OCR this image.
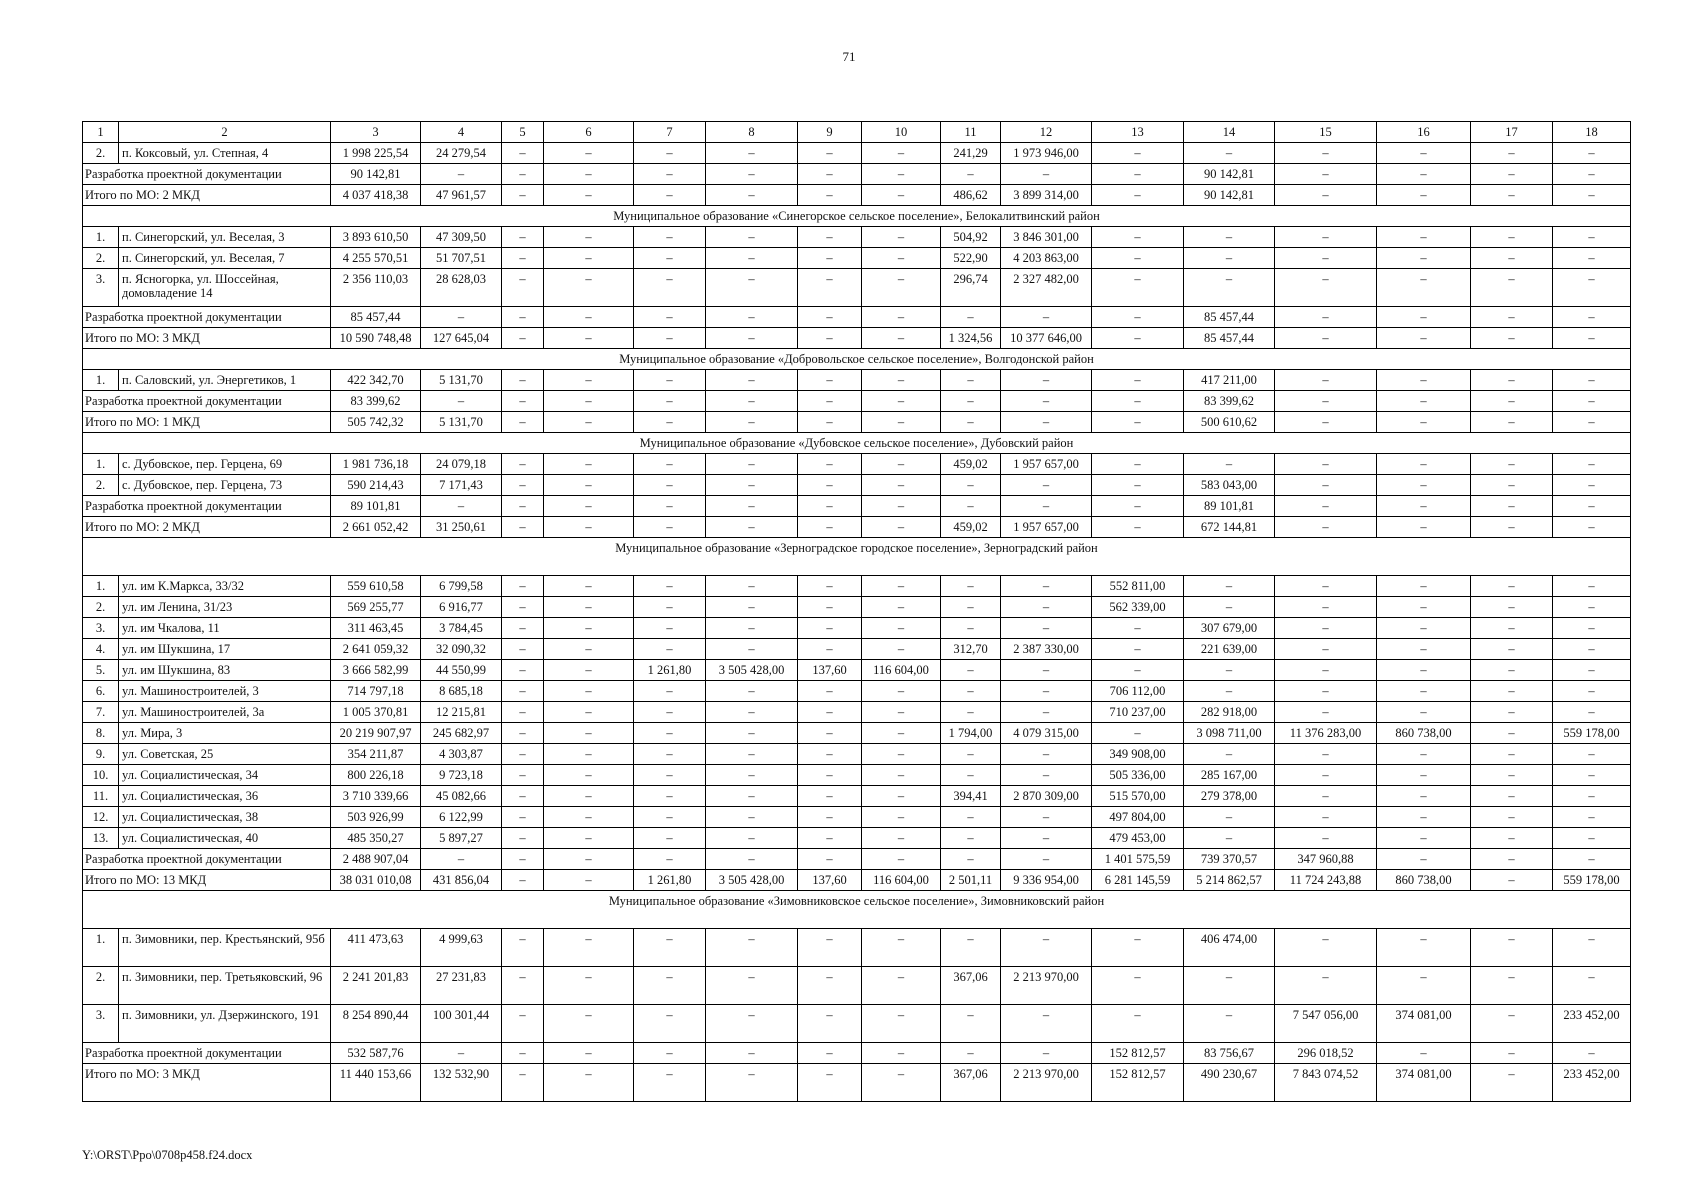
71
1	2	3	4	5	6	7	8	9	10	11	12	13	14	15	16	17	18
2.	п. Коксовый, ул. Степная, 4	1 998 225,54	24 279,54	–	–	–	–	–	–	241,29	1 973 946,00	–	–	–	–	–	–
Разработка проектной документации		90 142,81	–	–	–	–	–	–	–	–	–	–	90 142,81	–	–	–	–
Итого по МО: 2 МКД		4 037 418,38	47 961,57	–	–	–	–	–	–	486,62	3 899 314,00	–	90 142,81	–	–	–	–
Муниципальное образование «Синегорское сельское поселение», Белокалитвинский район																	
1.	п. Синегорский, ул. Веселая, 3	3 893 610,50	47 309,50	–	–	–	–	–	–	504,92	3 846 301,00	–	–	–	–	–	–
2.	п. Синегорский, ул. Веселая, 7	4 255 570,51	51 707,51	–	–	–	–	–	–	522,90	4 203 863,00	–	–	–	–	–	–
3.	п. Ясногорка, ул. Шоссейная, домовладение 14	2 356 110,03	28 628,03	–	–	–	–	–	–	296,74	2 327 482,00	–	–	–	–	–	–
Разработка проектной документации		85 457,44	–	–	–	–	–	–	–	–	–	–	85 457,44	–	–	–	–
Итого по МО: 3 МКД		10 590 748,48	127 645,04	–	–	–	–	–	–	1 324,56	10 377 646,00	–	85 457,44	–	–	–	–
Муниципальное образование «Добровольское сельское поселение», Волгодонской район																	
1.	п. Саловский, ул. Энергетиков, 1	422 342,70	5 131,70	–	–	–	–	–	–	–	–	–	417 211,00	–	–	–	–
Разработка проектной документации		83 399,62	–	–	–	–	–	–	–	–	–	–	83 399,62	–	–	–	–
Итого по МО: 1 МКД		505 742,32	5 131,70	–	–	–	–	–	–	–	–	–	500 610,62	–	–	–	–
Муниципальное образование «Дубовское сельское поселение», Дубовский район																	
1.	с. Дубовское, пер. Герцена, 69	1 981 736,18	24 079,18	–	–	–	–	–	–	459,02	1 957 657,00	–	–	–	–	–	–
2.	с. Дубовское, пер. Герцена, 73	590 214,43	7 171,43	–	–	–	–	–	–	–	–	–	583 043,00	–	–	–	–
Разработка проектной документации		89 101,81	–	–	–	–	–	–	–	–	–	–	89 101,81	–	–	–	–
Итого по МО: 2 МКД		2 661 052,42	31 250,61	–	–	–	–	–	–	459,02	1 957 657,00	–	672 144,81	–	–	–	–
Муниципальное образование «Зерноградское городское поселение», Зерноградский район																	
1.	ул. им К.Маркса, 33/32	559 610,58	6 799,58	–	–	–	–	–	–	–	–	552 811,00	–	–	–	–	–
2.	ул. им Ленина, 31/23	569 255,77	6 916,77	–	–	–	–	–	–	–	–	562 339,00	–	–	–	–	–
3.	ул. им Чкалова, 11	311 463,45	3 784,45	–	–	–	–	–	–	–	–	–	307 679,00	–	–	–	–
4.	ул. им Шукшина, 17	2 641 059,32	32 090,32	–	–	–	–	–	–	312,70	2 387 330,00	–	221 639,00	–	–	–	–
5.	ул. им Шукшина, 83	3 666 582,99	44 550,99	–	–	1 261,80	3 505 428,00	137,60	116 604,00	–	–	–	–	–	–	–	–
6.	ул. Машиностроителей, 3	714 797,18	8 685,18	–	–	–	–	–	–	–	–	706 112,00	–	–	–	–	–
7.	ул. Машиностроителей, 3а	1 005 370,81	12 215,81	–	–	–	–	–	–	–	–	710 237,00	282 918,00	–	–	–	–
8.	ул. Мира, 3	20 219 907,97	245 682,97	–	–	–	–	–	–	1 794,00	4 079 315,00	–	3 098 711,00	11 376 283,00	860 738,00	–	559 178,00
9.	ул. Советская, 25	354 211,87	4 303,87	–	–	–	–	–	–	–	–	349 908,00	–	–	–	–	–
10.	ул. Социалистическая, 34	800 226,18	9 723,18	–	–	–	–	–	–	–	–	505 336,00	285 167,00	–	–	–	–
11.	ул. Социалистическая, 36	3 710 339,66	45 082,66	–	–	–	–	–	–	394,41	2 870 309,00	515 570,00	279 378,00	–	–	–	–
12.	ул. Социалистическая, 38	503 926,99	6 122,99	–	–	–	–	–	–	–	–	497 804,00	–	–	–	–	–
13.	ул. Социалистическая, 40	485 350,27	5 897,27	–	–	–	–	–	–	–	–	479 453,00	–	–	–	–	–
Разработка проектной документации		2 488 907,04	–	–	–	–	–	–	–	–	–	1 401 575,59	739 370,57	347 960,88	–	–	–
Итого по МО: 13 МКД		38 031 010,08	431 856,04	–	–	1 261,80	3 505 428,00	137,60	116 604,00	2 501,11	9 336 954,00	6 281 145,59	5 214 862,57	11 724 243,88	860 738,00	–	559 178,00
Муниципальное образование «Зимовниковское сельское поселение», Зимовниковский район																	
1.	п. Зимовники, пер. Крестьянский, 95б	411 473,63	4 999,63	–	–	–	–	–	–	–	–	–	406 474,00	–	–	–	–
2.	п. Зимовники, пер. Третьяковский, 96	2 241 201,83	27 231,83	–	–	–	–	–	–	367,06	2 213 970,00	–	–	–	–	–	–
3.	п. Зимовники, ул. Дзержинского, 191	8 254 890,44	100 301,44	–	–	–	–	–	–	–	–	–	–	7 547 056,00	374 081,00	–	233 452,00
Разработка проектной документации		532 587,76	–	–	–	–	–	–	–	–	–	152 812,57	83 756,67	296 018,52	–	–	–
Итого по МО: 3 МКД		11 440 153,66	132 532,90	–	–	–	–	–	–	367,06	2 213 970,00	152 812,57	490 230,67	7 843 074,52	374 081,00	–	233 452,00
Y:\ORST\Ppo\0708p458.f24.docx
